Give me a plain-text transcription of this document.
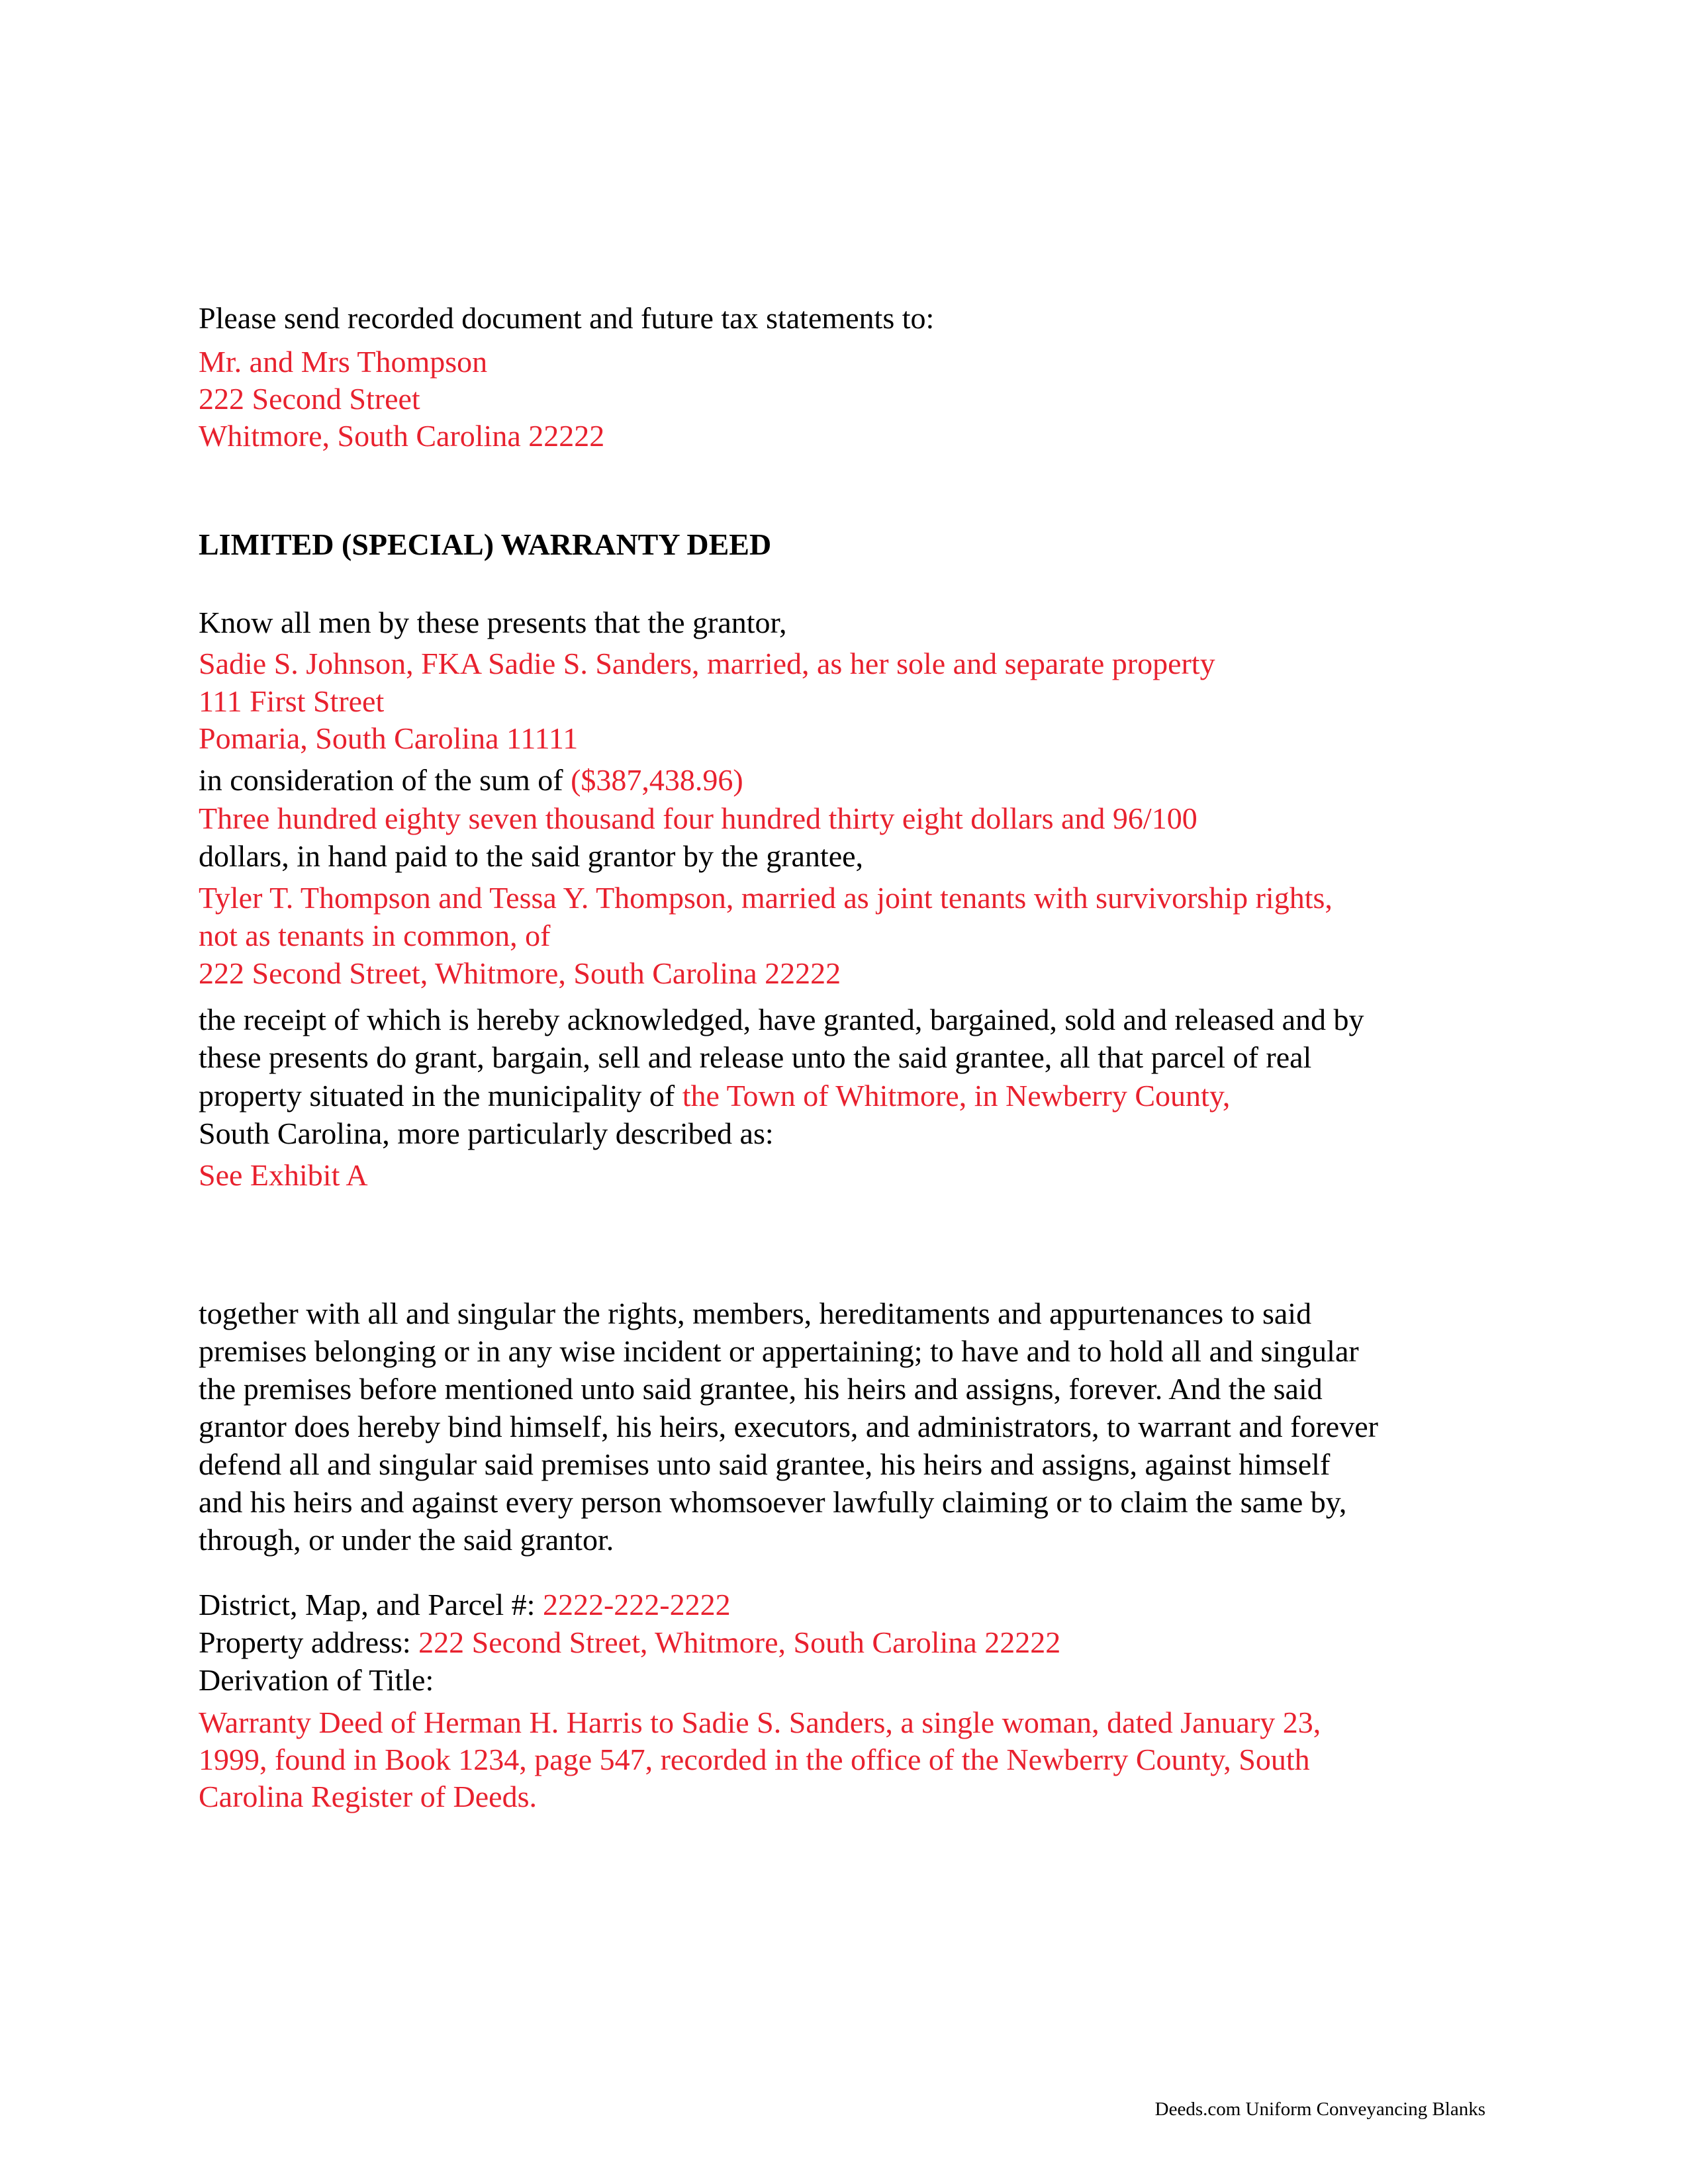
Please send recorded document and future tax statements to:
Mr. and Mrs Thompson
222 Second Street
Whitmore, South Carolina 22222
LIMITED (SPECIAL) WARRANTY DEED
Know all men by these presents that the grantor,
Sadie S. Johnson, FKA Sadie S. Sanders, married, as her sole and separate property
111 First Street
Pomaria, South Carolina 11111
in consideration of the sum of ($387,438.96)
Three hundred eighty seven thousand four hundred thirty eight dollars and 96/100
dollars, in hand paid to the said grantor by the grantee,
Tyler T. Thompson and Tessa Y. Thompson, married as joint tenants with survivorship rights,
not as tenants in common, of
222 Second Street, Whitmore, South Carolina 22222
the receipt of which is hereby acknowledged, have granted, bargained, sold and released and by
these presents do grant, bargain, sell and release unto the said grantee, all that parcel of real
property situated in the municipality of the Town of Whitmore, in Newberry County,
South Carolina, more particularly described as:
See Exhibit A
together with all and singular the rights, members, hereditaments and appurtenances to said
premises belonging or in any wise incident or appertaining; to have and to hold all and singular
the premises before mentioned unto said grantee, his heirs and assigns, forever. And the said
grantor does hereby bind himself, his heirs, executors, and administrators, to warrant and forever
defend all and singular said premises unto said grantee, his heirs and assigns, against himself
and his heirs and against every person whomsoever lawfully claiming or to claim the same by,
through, or under the said grantor.
District, Map, and Parcel #: 2222-222-2222
Property address: 222 Second Street, Whitmore, South Carolina 22222
Derivation of Title:
Warranty Deed of Herman H. Harris to Sadie S. Sanders, a single woman, dated January 23,
1999, found in Book 1234, page 547, recorded in the office of the Newberry County, South
Carolina Register of Deeds.
Deeds.com Uniform Conveyancing Blanks
